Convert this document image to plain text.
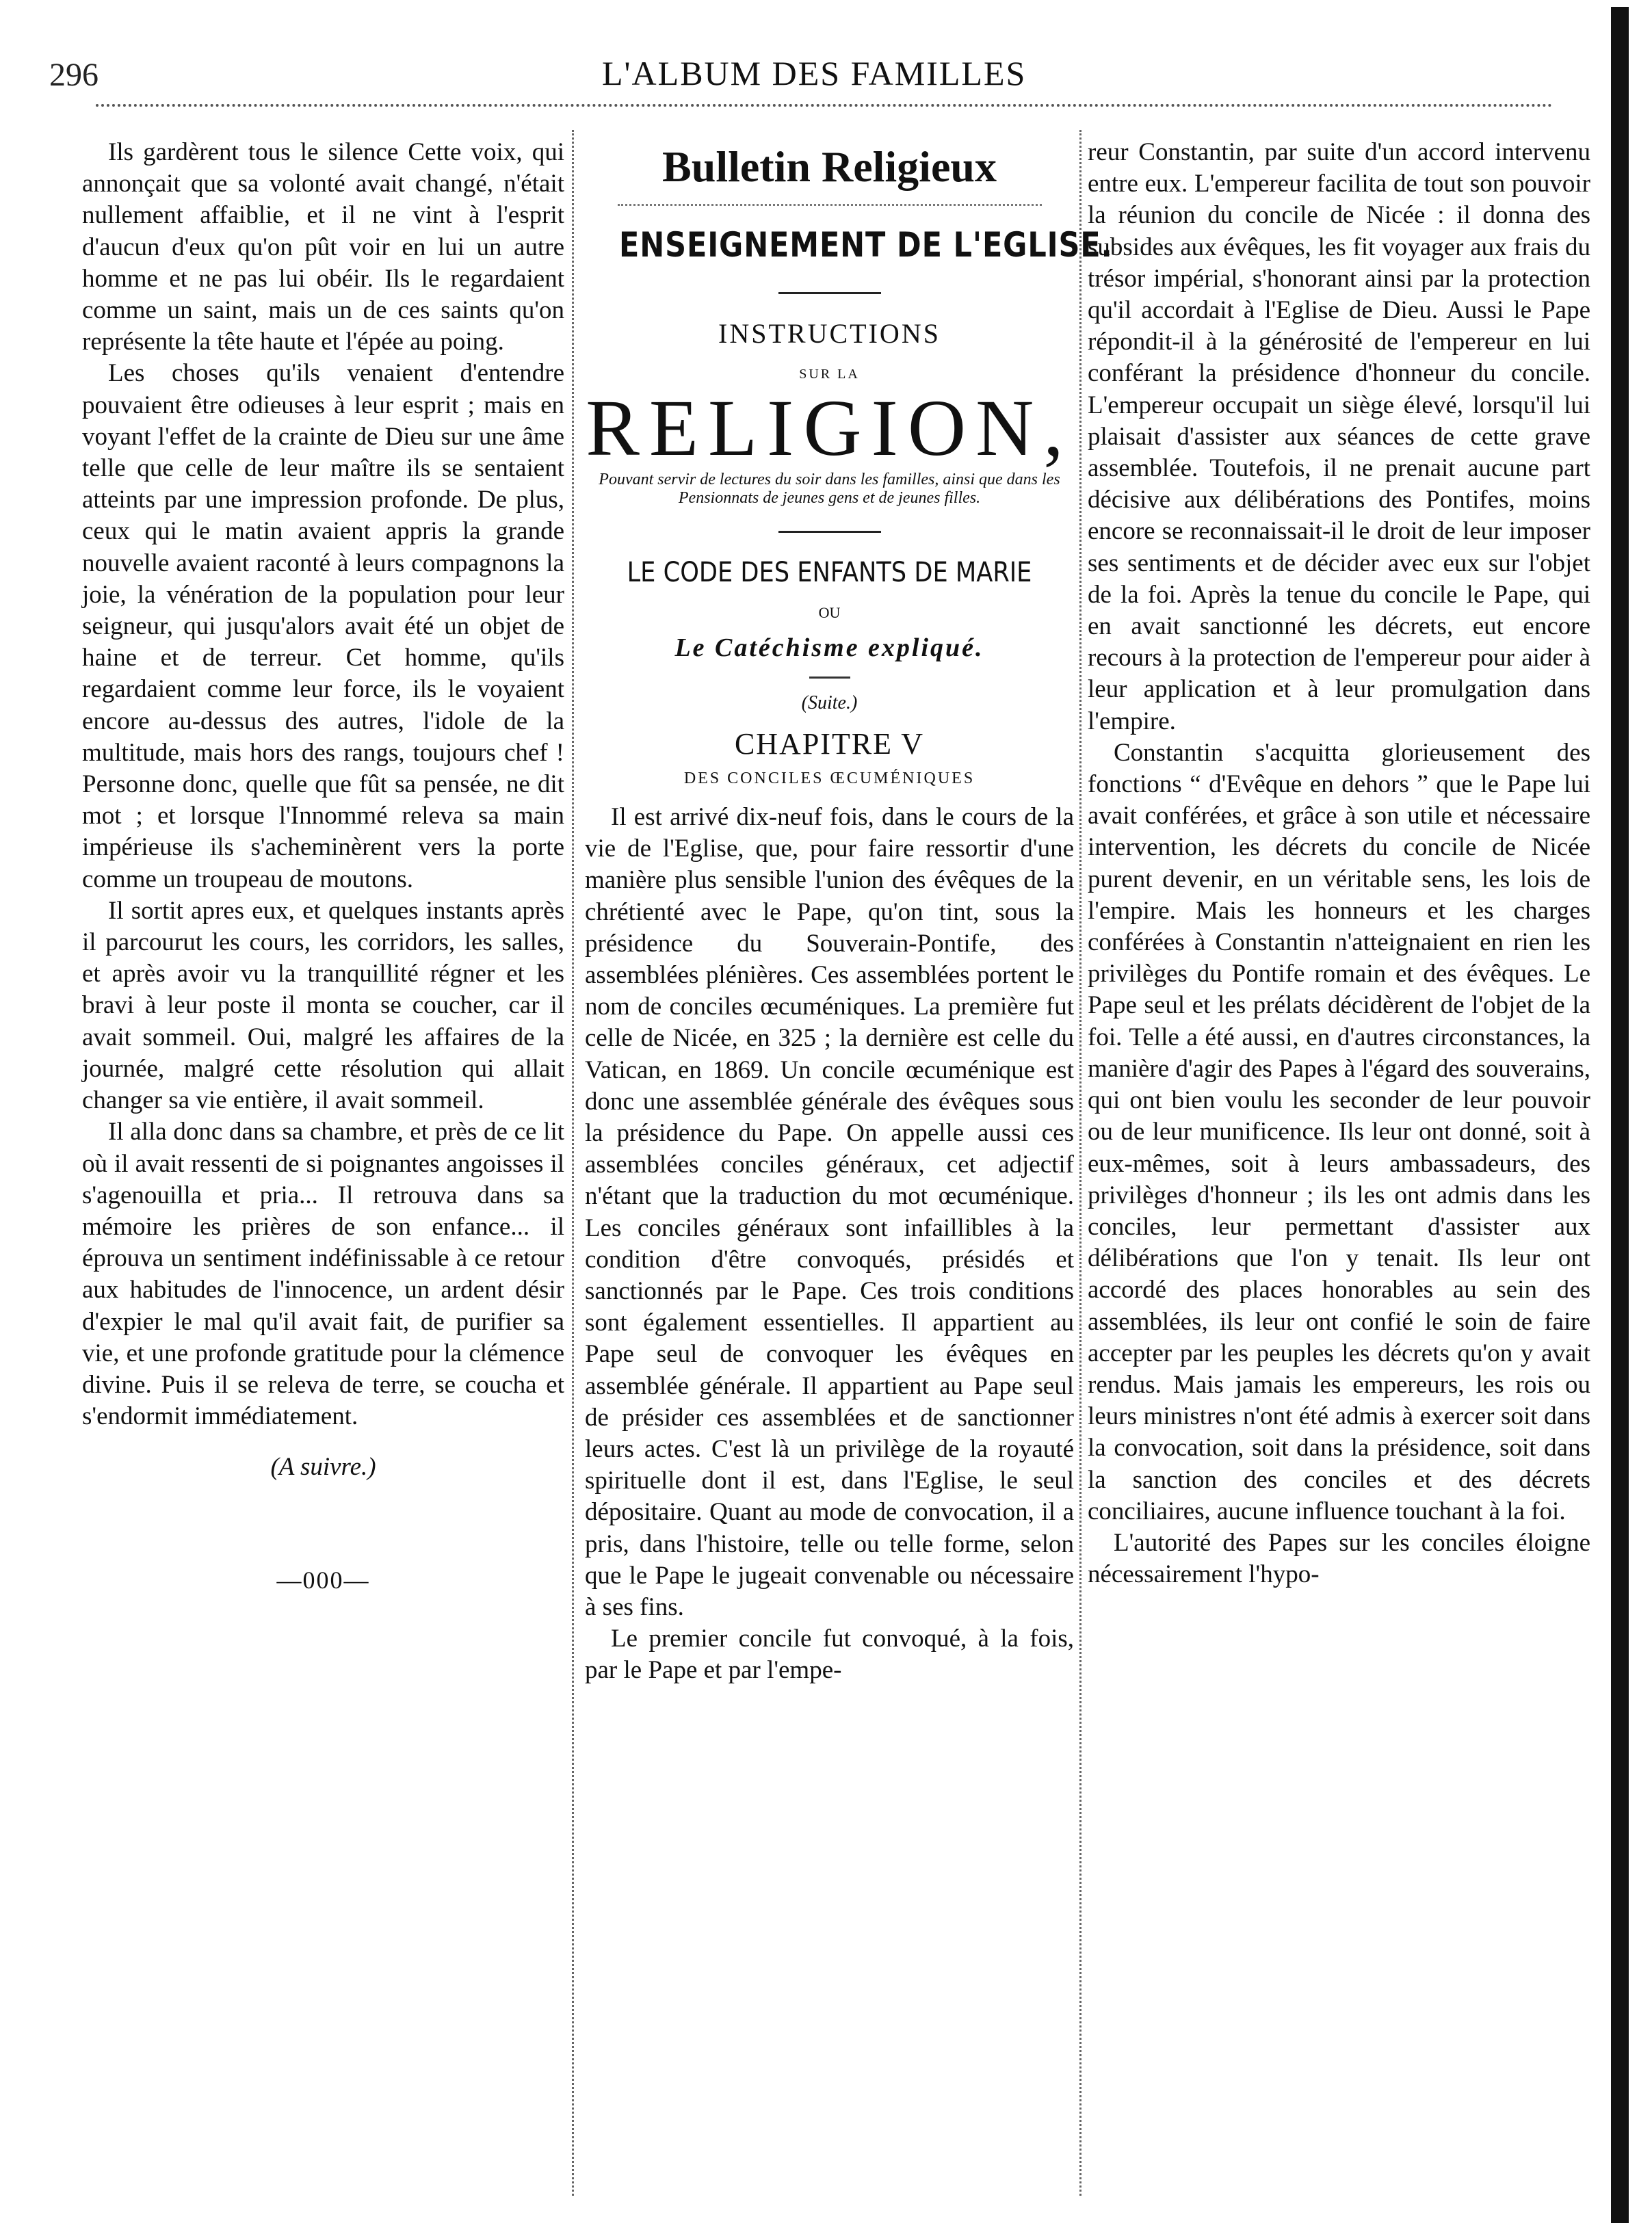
296	L'ALBUM DES FAMILLES

Ils gardèrent tous le silence Cette voix, qui annonçait que sa volonté avait changé, n'était nullement affaiblie, et il ne vint à l'esprit d'aucun d'eux qu'on pût voir en lui un autre homme et ne pas lui obéir. Ils le regardaient comme un saint, mais un de ces saints qu'on représente la tête haute et l'épée au poing.

Les choses qu'ils venaient d'entendre pouvaient être odieuses à leur esprit ; mais en voyant l'effet de la crainte de Dieu sur une âme telle que celle de leur maître ils se sentaient atteints par une impression profonde. De plus, ceux qui le matin avaient appris la grande nouvelle avaient raconté à leurs compagnons la joie, la vénération de la population pour leur seigneur, qui jusqu'alors avait été un objet de haine et de terreur. Cet homme, qu'ils regardaient comme leur force, ils le voyaient encore au-dessus des autres, l'idole de la multitude, mais hors des rangs, toujours chef ! Personne donc, quelle que fût sa pensée, ne dit mot ; et lorsque l'Innommé releva sa main impérieuse ils s'acheminèrent vers la porte comme un troupeau de moutons.

Il sortit apres eux, et quelques instants après il parcourut les cours, les corridors, les salles, et après avoir vu la tranquillité régner et les bravi à leur poste il monta se coucher, car il avait sommeil. Oui, malgré les affaires de la journée, malgré cette résolution qui allait changer sa vie entière, il avait sommeil.

Il alla donc dans sa chambre, et près de ce lit où il avait ressenti de si poignantes angoisses il s'agenouilla et pria... Il retrouva dans sa mémoire les prières de son enfance... il éprouva un sentiment indéfinissable à ce retour aux habitudes de l'innocence, un ardent désir d'expier le mal qu'il avait fait, de purifier sa vie, et une profonde gratitude pour la clémence divine. Puis il se releva de terre, se coucha et s'endormit immédiatement.

(A suivre.)
—000—
Bulletin Religieux
ENSEIGNEMENT DE L'EGLISE.
INSTRUCTIONS
SUR LA
RELIGION,
Pouvant servir de lectures du soir dans les familles, ainsi que dans les Pensionnats de jeunes gens et de jeunes filles.
LE CODE DES ENFANTS DE MARIE
OU
Le Catéchisme expliqué.
(Suite.)
CHAPITRE V
DES CONCILES ŒCUMÉNIQUES

Il est arrivé dix-neuf fois, dans le cours de la vie de l'Eglise, que, pour faire ressortir d'une manière plus sensible l'union des évêques de la chrétienté avec le Pape, qu'on tint, sous la présidence du Souverain-Pontife, des assemblées plénières. Ces assemblées portent le nom de conciles œcuméniques. La première fut celle de Nicée, en 325 ; la dernière est celle du Vatican, en 1869. Un concile œcuménique est donc une assemblée générale des évêques sous la présidence du Pape. On appelle aussi ces assemblées conciles généraux, cet adjectif n'étant que la traduction du mot œcuménique. Les conciles généraux sont infaillibles à la condition d'être convoqués, présidés et sanctionnés par le Pape. Ces trois conditions sont également essentielles. Il appartient au Pape seul de convoquer les évêques en assemblée générale. Il appartient au Pape seul de présider ces assemblées et de sanctionner leurs actes. C'est là un privilège de la royauté spirituelle dont il est, dans l'Eglise, le seul dépositaire. Quant au mode de convocation, il a pris, dans l'histoire, telle ou telle forme, selon que le Pape le jugeait convenable ou nécessaire à ses fins.

Le premier concile fut convoqué, à la fois, par le Pape et par l'empe-

reur Constantin, par suite d'un accord intervenu entre eux. L'empereur facilita de tout son pouvoir la réunion du concile de Nicée : il donna des subsides aux évêques, les fit voyager aux frais du trésor impérial, s'honorant ainsi par la protection qu'il accordait à l'Eglise de Dieu. Aussi le Pape répondit-il à la générosité de l'empereur en lui conférant la présidence d'honneur du concile. L'empereur occupait un siège élevé, lorsqu'il lui plaisait d'assister aux séances de cette grave assemblée. Toutefois, il ne prenait aucune part décisive aux délibérations des Pontifes, moins encore se reconnaissait-il le droit de leur imposer ses sentiments et de décider avec eux sur l'objet de la foi. Après la tenue du concile le Pape, qui en avait sanctionné les décrets, eut encore recours à la protection de l'empereur pour aider à leur application et à leur promulgation dans l'empire.

Constantin s'acquitta glorieusement des fonctions “ d'Evêque en dehors ” que le Pape lui avait conférées, et grâce à son utile et nécessaire intervention, les décrets du concile de Nicée purent devenir, en un véritable sens, les lois de l'empire. Mais les honneurs et les charges conférées à Constantin n'atteignaient en rien les privilèges du Pontife romain et des évêques. Le Pape seul et les prélats décidèrent de l'objet de la foi. Telle a été aussi, en d'autres circonstances, la manière d'agir des Papes à l'égard des souverains, qui ont bien voulu les seconder de leur pouvoir ou de leur munificence. Ils leur ont donné, soit à eux-mêmes, soit à leurs ambassadeurs, des privilèges d'honneur ; ils les ont admis dans les conciles, leur permettant d'assister aux délibérations que l'on y tenait. Ils leur ont accordé des places honorables au sein des assemblées, ils leur ont confié le soin de faire accepter par les peuples les décrets qu'on y avait rendus. Mais jamais les empereurs, les rois ou leurs ministres n'ont été admis à exercer soit dans la convocation, soit dans la présidence, soit dans la sanction des conciles et des décrets conciliaires, aucune influence touchant à la foi.

L'autorité des Papes sur les conciles éloigne nécessairement l'hypo-
